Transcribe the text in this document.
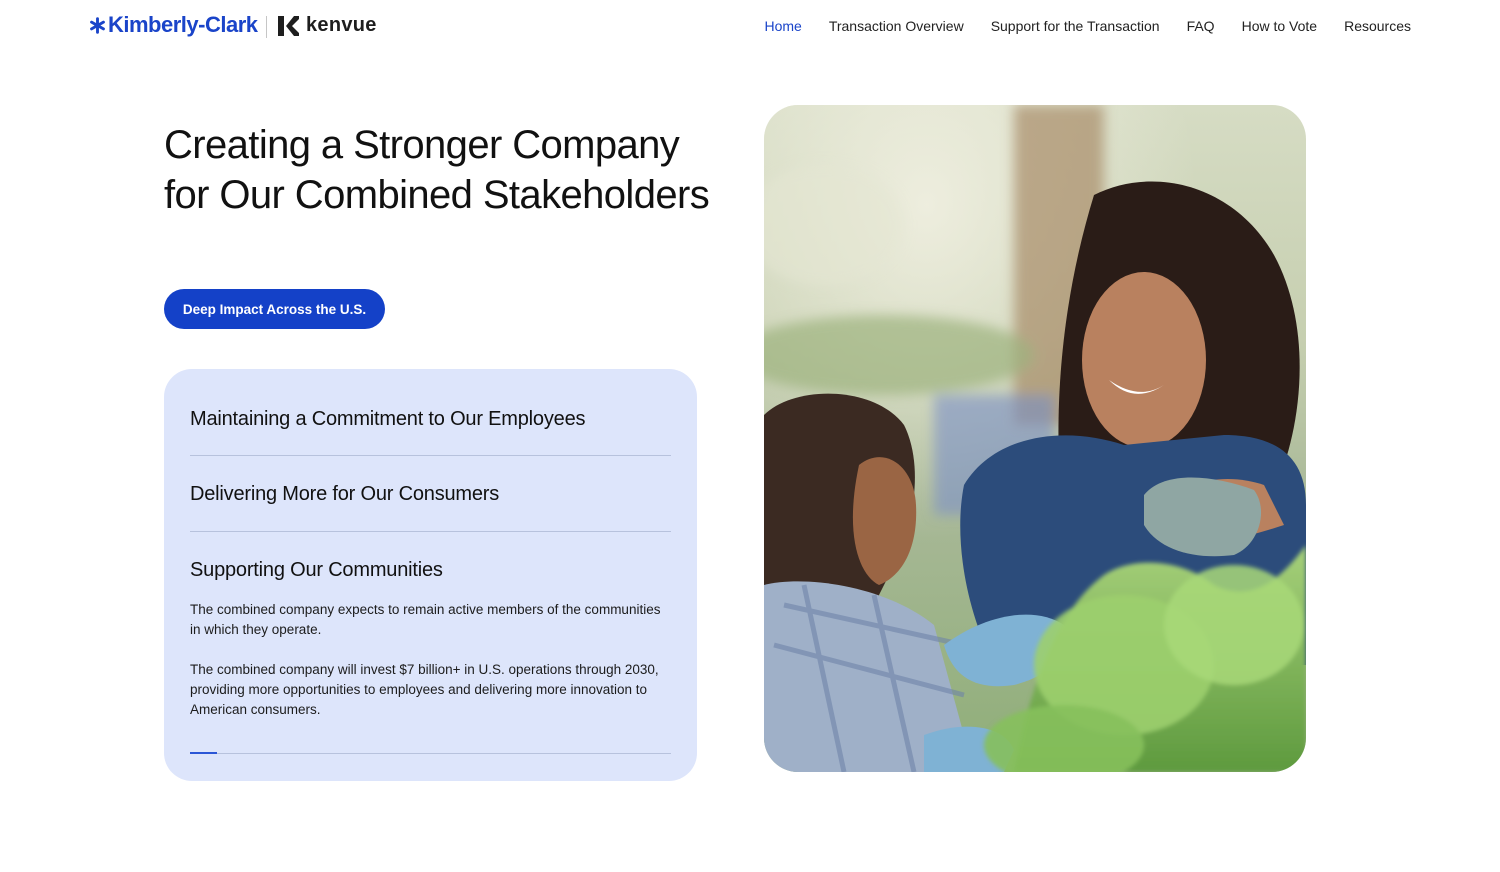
Kimberly-Clark kenvue	Home Transaction Overview Support for the Transaction FAQ How to Vote Resources
Creating a Stronger Company for Our Combined Stakeholders
Deep Impact Across the U.S.
Maintaining a Commitment to Our Employees
Delivering More for Our Consumers
Supporting Our Communities

The combined company expects to remain active members of the communities in which they operate.

The combined company will invest $7 billion+ in U.S. operations through 2030, providing more opportunities to employees and delivering more innovation to American consumers.
